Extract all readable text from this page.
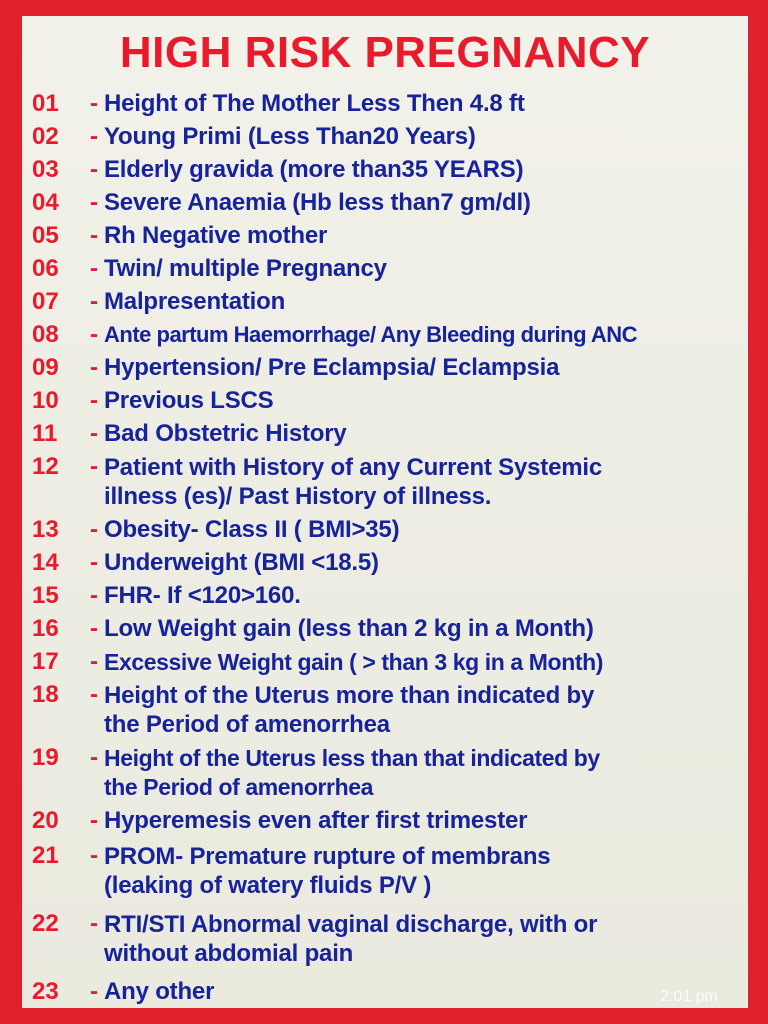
HIGH RISK PREGNANCY
01	- Height of The Mother Less Then 4.8 ft
02	- Young Primi (Less Than20 Years)
03	- Elderly gravida (more than35 YEARS)
04	- Severe Anaemia (Hb less than7 gm/dl)
05	- Rh Negative mother
06	- Twin/ multiple Pregnancy
07	- Malpresentation
08	- Ante partum Haemorrhage/ Any Bleeding during ANC
09	- Hypertension/ Pre Eclampsia/ Eclampsia
10	- Previous LSCS
11	- Bad Obstetric History
12	- Patient with History of any Current Systemic
illness (es)/ Past History of illness.
13	- Obesity- Class II ( BMI>35)
14	- Underweight (BMI <18.5)
15	- FHR- If <120>160.
16	- Low Weight gain (less than 2 kg in a Month)
17	- Excessive Weight gain ( > than 3 kg in a Month)
18	- Height of the Uterus more than indicated by
the Period of amenorrhea
19	- Height of the Uterus less than that indicated by
the Period of amenorrhea
20	- Hyperemesis even after first trimester
21	- PROM- Premature rupture of membrans
(leaking of watery fluids P/V )
22	- RTI/STI Abnormal vaginal discharge, with or
without abdomial pain
23	- Any other	2:01 pm
